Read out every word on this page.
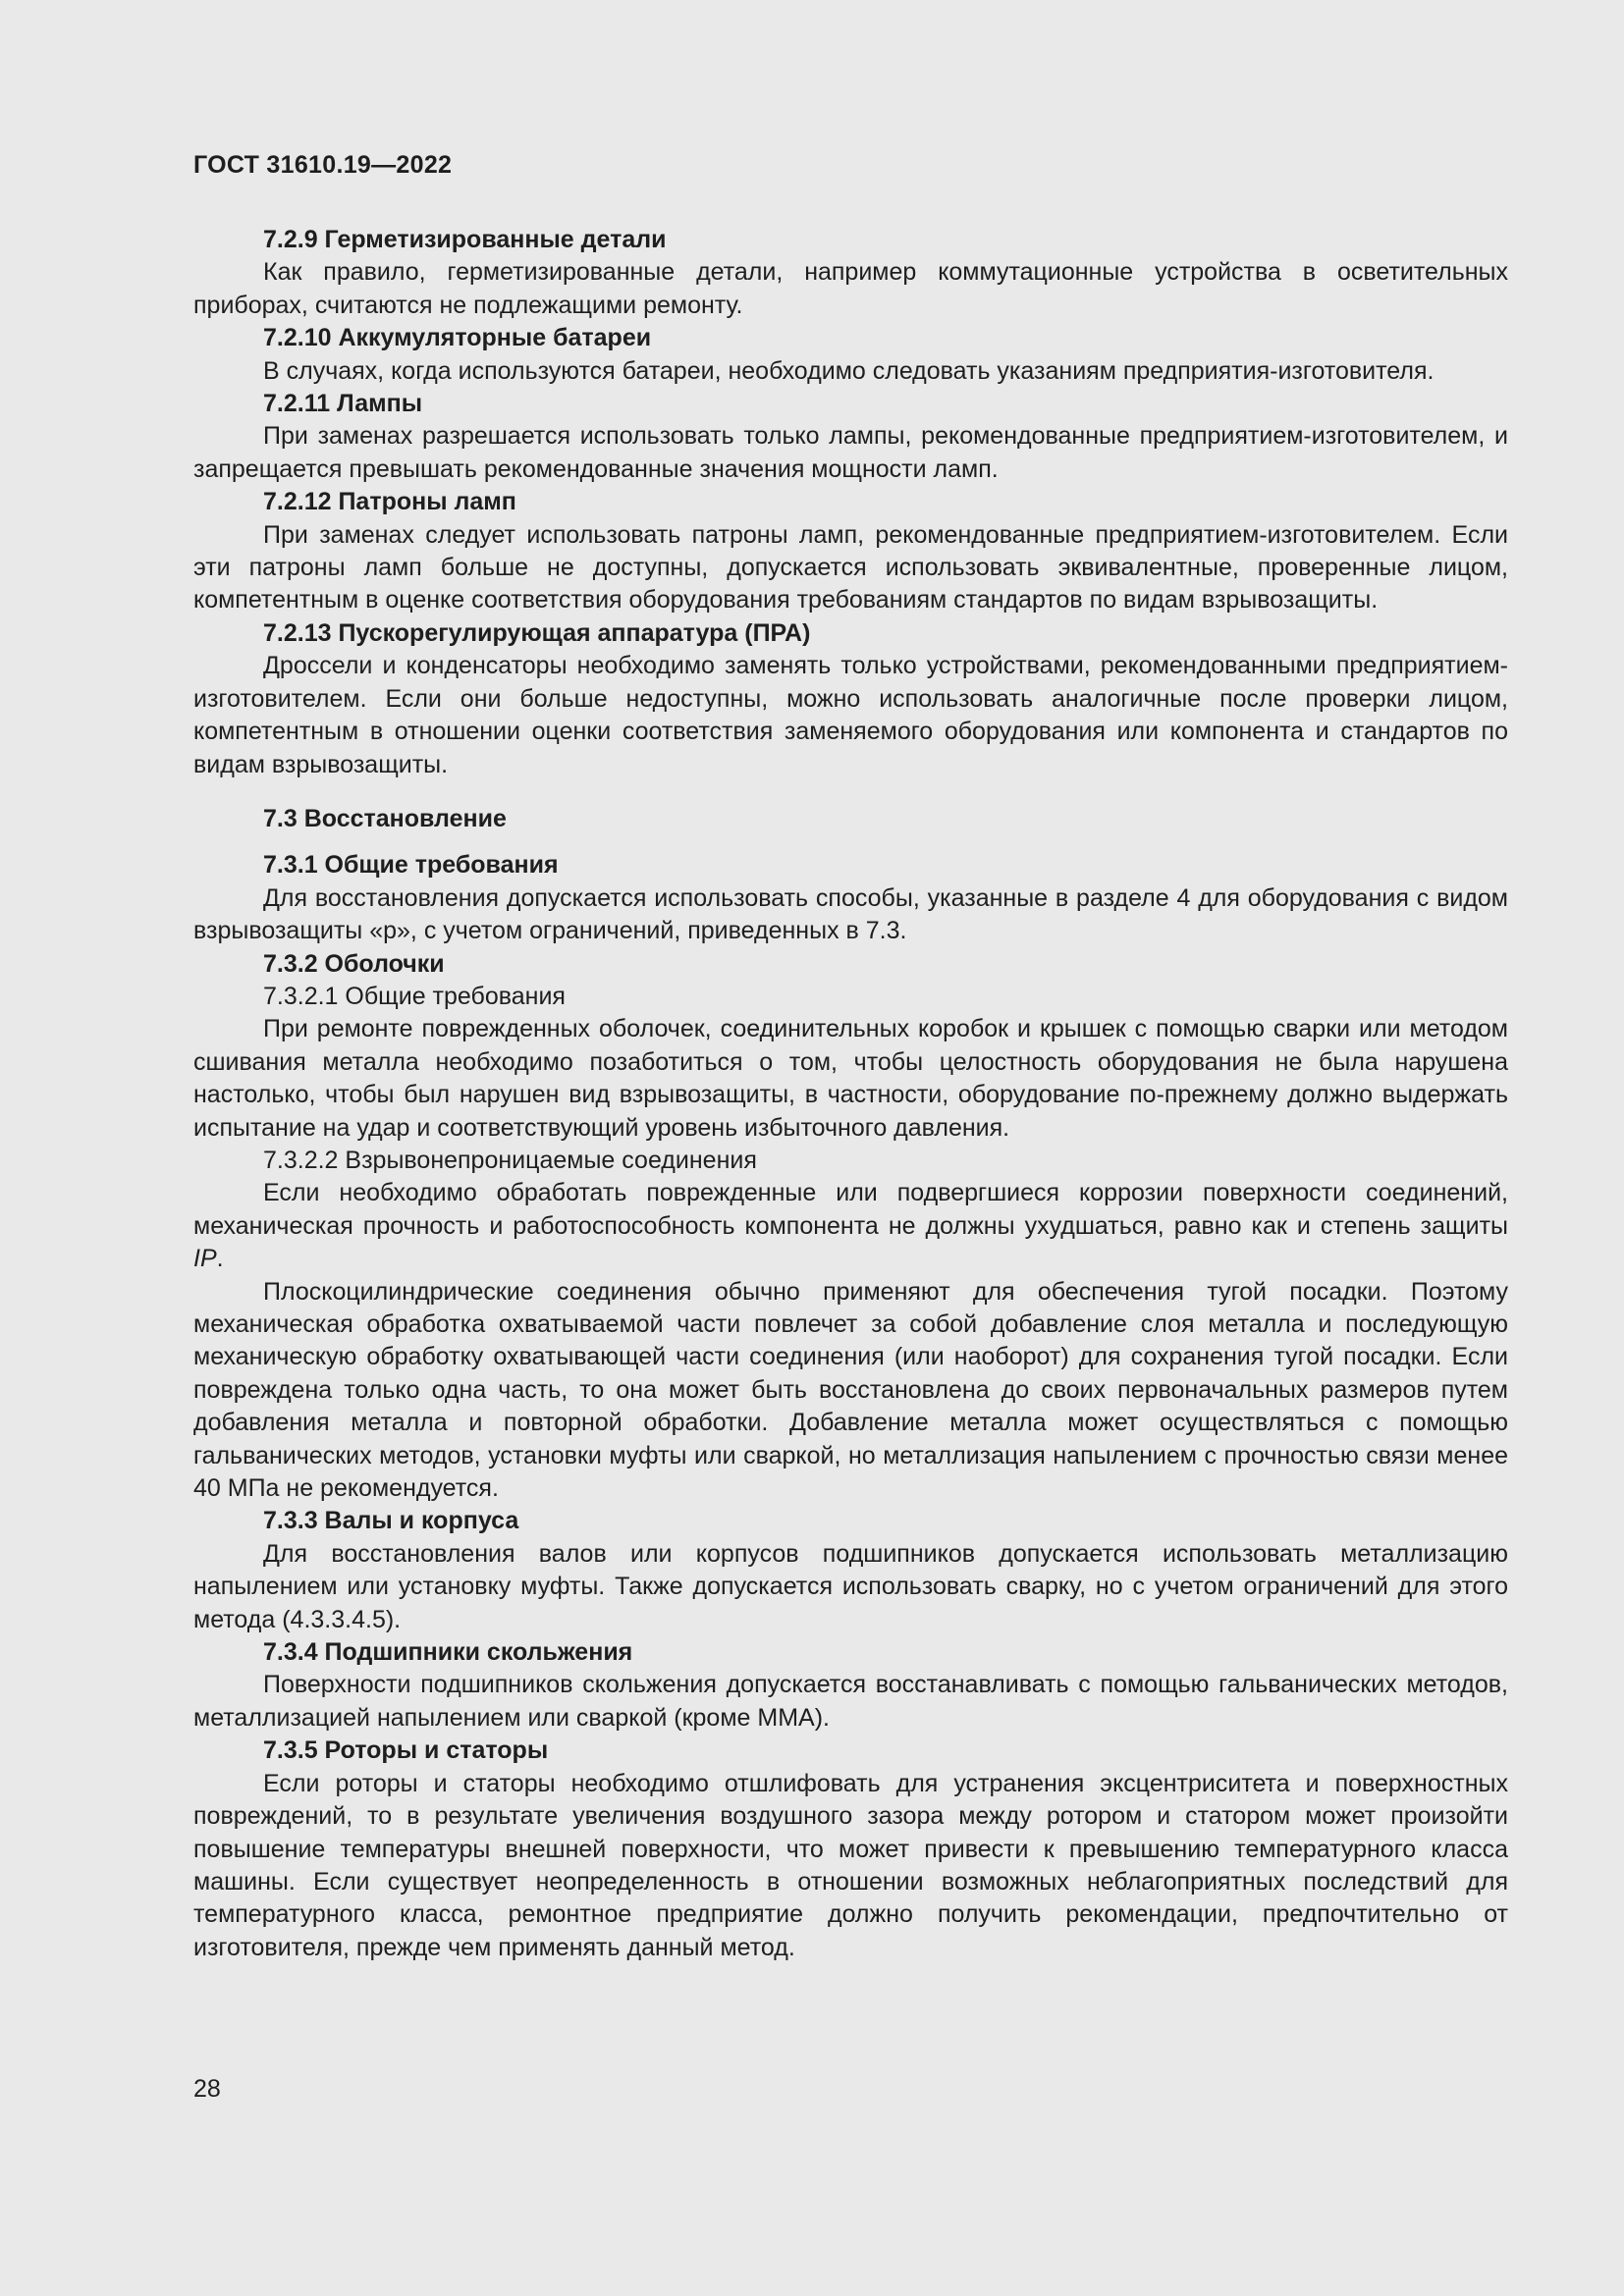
ГОСТ 31610.19—2022

7.2.9 Герметизированные детали

Как правило, герметизированные детали, например коммутационные устройства в осветительных приборах, считаются не подлежащими ремонту.

7.2.10 Аккумуляторные батареи

В случаях, когда используются батареи, необходимо следовать указаниям предприятия-изготовителя.

7.2.11 Лампы

При заменах разрешается использовать только лампы, рекомендованные предприятием-изготовителем, и запрещается превышать рекомендованные значения мощности ламп.

7.2.12 Патроны ламп

При заменах следует использовать патроны ламп, рекомендованные предприятием-изготовителем. Если эти патроны ламп больше не доступны, допускается использовать эквивалентные, проверенные лицом, компетентным в оценке соответствия оборудования требованиям стандартов по видам взрывозащиты.

7.2.13 Пускорегулирующая аппаратура (ПРА)

Дроссели и конденсаторы необходимо заменять только устройствами, рекомендованными предприятием-изготовителем. Если они больше недоступны, можно использовать аналогичные после проверки лицом, компетентным в отношении оценки соответствия заменяемого оборудования или компонента и стандартов по видам взрывозащиты.

7.3 Восстановление

7.3.1 Общие требования

Для восстановления допускается использовать способы, указанные в разделе 4 для оборудования с видом взрывозащиты «р», с учетом ограничений, приведенных в 7.3.

7.3.2 Оболочки

7.3.2.1 Общие требования

При ремонте поврежденных оболочек, соединительных коробок и крышек с помощью сварки или методом сшивания металла необходимо позаботиться о том, чтобы целостность оборудования не была нарушена настолько, чтобы был нарушен вид взрывозащиты, в частности, оборудование по-прежнему должно выдержать испытание на удар и соответствующий уровень избыточного давления.

7.3.2.2 Взрывонепроницаемые соединения

Если необходимо обработать поврежденные или подвергшиеся коррозии поверхности соединений, механическая прочность и работоспособность компонента не должны ухудшаться, равно как и степень защиты IP.

Плоскоцилиндрические соединения обычно применяют для обеспечения тугой посадки. Поэтому механическая обработка охватываемой части повлечет за собой добавление слоя металла и последующую механическую обработку охватывающей части соединения (или наоборот) для сохранения тугой посадки. Если повреждена только одна часть, то она может быть восстановлена до своих первоначальных размеров путем добавления металла и повторной обработки. Добавление металла может осуществляться с помощью гальванических методов, установки муфты или сваркой, но металлизация напылением с прочностью связи менее 40 МПа не рекомендуется.

7.3.3 Валы и корпуса

Для восстановления валов или корпусов подшипников допускается использовать металлизацию напылением или установку муфты. Также допускается использовать сварку, но с учетом ограничений для этого метода (4.3.3.4.5).

7.3.4 Подшипники скольжения

Поверхности подшипников скольжения допускается восстанавливать с помощью гальванических методов, металлизацией напылением или сваркой (кроме ММА).

7.3.5 Роторы и статоры

Если роторы и статоры необходимо отшлифовать для устранения эксцентриситета и поверхностных повреждений, то в результате увеличения воздушного зазора между ротором и статором может произойти повышение температуры внешней поверхности, что может привести к превышению температурного класса машины. Если существует неопределенность в отношении возможных неблагоприятных последствий для температурного класса, ремонтное предприятие должно получить рекомендации, предпочтительно от изготовителя, прежде чем применять данный метод.

28
